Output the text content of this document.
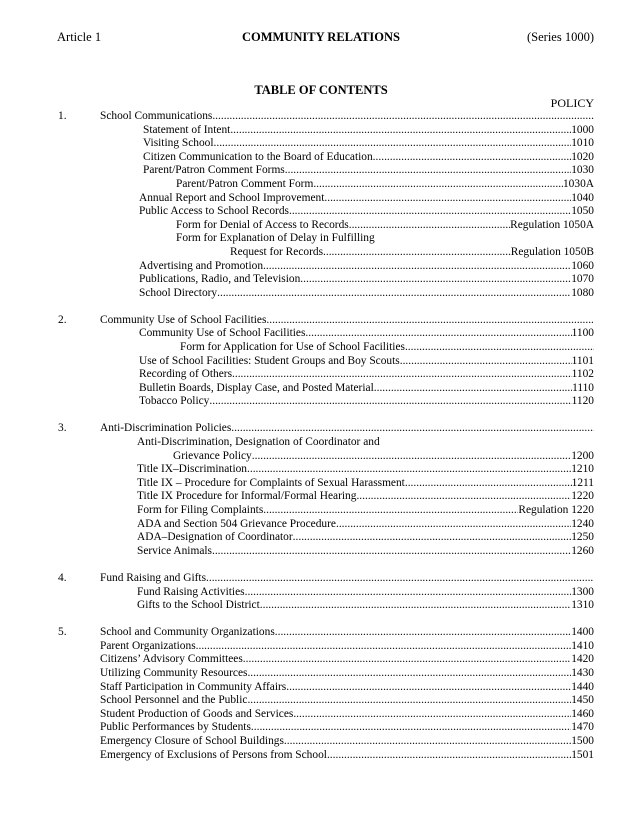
Article 1	COMMUNITY RELATIONS	(Series 1000)
TABLE OF CONTENTS
POLICY
1.	School Communications
.....
Statement of Intent .....	1000
Visiting School .....	1010
Citizen Communication to the Board of Education .....	1020
Parent/Patron Comment Forms .....	1030
Parent/Patron Comment Form .....	1030A
Annual Report and School Improvement .....	1040
Public Access to School Records .....	1050
Form for Denial of Access to Records .....	Regulation 1050A
Form for Explanation of Delay in Fulfilling
Request for Records .....	Regulation 1050B
Advertising and Promotion .....	1060
Publications, Radio, and Television .....	1070
School Directory .....	1080
2.	Community Use of School Facilities
.....
Community Use of School Facilities .....	1100
Form for Application for Use of School Facilities
.....
Use of School Facilities: Student Groups and Boy Scouts .....	1101
Recording of Others .....	1102
Bulletin Boards, Display Case, and Posted Material .....	1110
Tobacco Policy .....	1120
3.	Anti-Discrimination Policies
.....
Anti-Discrimination, Designation of Coordinator and
Grievance Policy .....	1200
Title IX–Discrimination .....	1210
Title IX – Procedure for Complaints of Sexual Harassment .....	1211
Title IX Procedure for Informal/Formal Hearing .....	1220
Form for Filing Complaints .....	Regulation 1220
ADA and Section 504 Grievance Procedure .....	1240
ADA–Designation of Coordinator .....	1250
Service Animals .....	1260
4.	Fund Raising and Gifts
.....
Fund Raising Activities .....	1300
Gifts to the School District .....	1310
5.	School and Community Organizations .....	1400
Parent Organizations .....	1410
Citizens’ Advisory Committees .....	1420
Utilizing Community Resources .....	1430
Staff Participation in Community Affairs .....	1440
School Personnel and the Public .....	1450
Student Production of Goods and Services .....	1460
Public Performances by Students .....	1470
Emergency Closure of School Buildings .....	1500
Emergency of Exclusions of Persons from School .....	1501
